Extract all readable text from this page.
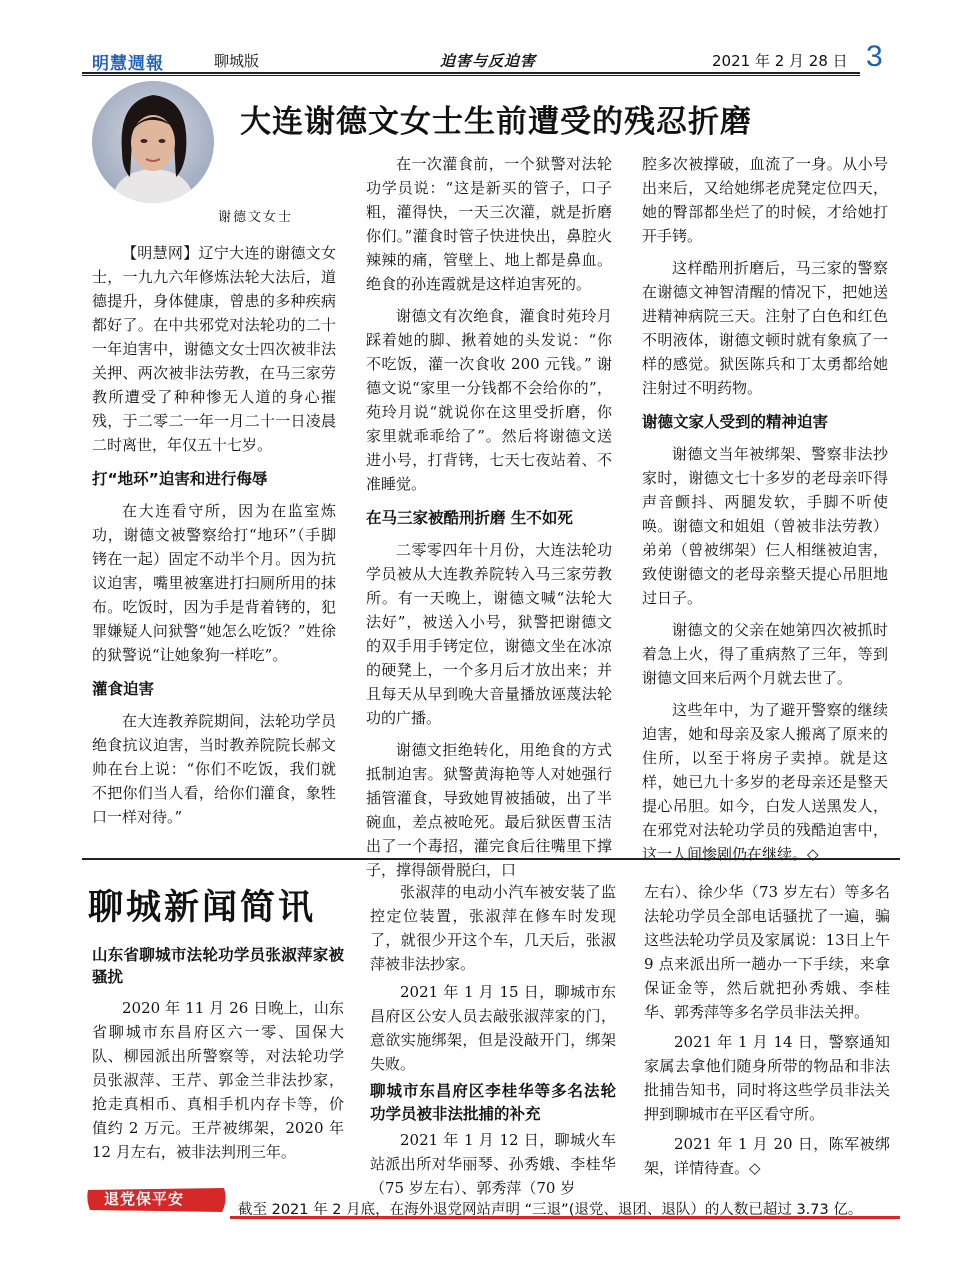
明慧週報	聊城版	迫害与反迫害	2021 年 2 月 28 日 3
谢德文女士
大连谢德文女士生前遭受的残忍折磨

【明慧网】辽宁大连的谢德文女士，一九九六年修炼法轮大法后，道德提升，身体健康，曾患的多种疾病都好了。在中共邪党对法轮功的二十一年迫害中，谢德文女士四次被非法关押、两次被非法劳教，在马三家劳教所遭受了种种惨无人道的身心摧残，于二零二一年一月二十一日凌晨二时离世，年仅五十七岁。

打“地环”迫害和进行侮辱

在大连看守所，因为在监室炼功，谢德文被警察给打“地环”（手脚铐在一起）固定不动半个月。因为抗议迫害，嘴里被塞进打扫厕所用的抹布。吃饭时，因为手是背着铐的，犯罪嫌疑人问狱警“她怎么吃饭？”姓徐的狱警说“让她象狗一样吃”。

灌食迫害

在大连教养院期间，法轮功学员绝食抗议迫害，当时教养院院长郝文帅在台上说：“你们不吃饭，我们就不把你们当人看，给你们灌食，象牲口一样对待。”

在一次灌食前，一个狱警对法轮功学员说：“这是新买的管子，口子粗，灌得快，一天三次灌，就是折磨你们。”灌食时管子快进快出，鼻腔火辣辣的痛，管壁上、地上都是鼻血。绝食的孙连霞就是这样迫害死的。

谢德文有次绝食，灌食时苑玲月踩着她的脚、揪着她的头发说：“你不吃饭，灌一次食收 200 元钱。” 谢德文说“家里一分钱都不会给你的”，苑玲月说“就说你在这里受折磨，你家里就乖乖给了”。然后将谢德文送进小号，打背铐，七天七夜站着、不准睡觉。

在马三家被酷刑折磨 生不如死

二零零四年十月份，大连法轮功学员被从大连教养院转入马三家劳教所。有一天晚上，谢德文喊“法轮大法好”，被送入小号，狱警把谢德文的双手用手铐定位，谢德文坐在冰凉的硬凳上，一个多月后才放出来；并且每天从早到晚大音量播放诬蔑法轮功的广播。

谢德文拒绝转化，用绝食的方式抵制迫害。狱警黄海艳等人对她强行插管灌食，导致她胃被插破，出了半碗血，差点被呛死。最后狱医曹玉洁出了一个毒招，灌完食后往嘴里下撑子，撑得颌骨脱臼，口

腔多次被撑破，血流了一身。从小号出来后，又给她绑老虎凳定位四天，她的臀部都坐烂了的时候，才给她打开手铐。

这样酷刑折磨后，马三家的警察在谢德文神智清醒的情况下，把她送进精神病院三天。注射了白色和红色不明液体，谢德文顿时就有象疯了一样的感觉。狱医陈兵和丁太勇都给她注射过不明药物。

谢德文家人受到的精神迫害

谢德文当年被绑架、警察非法抄家时，谢德文七十多岁的老母亲吓得声音颤抖、两腿发软，手脚不听使唤。谢德文和姐姐（曾被非法劳教）弟弟（曾被绑架）仨人相继被迫害，致使谢德文的老母亲整天提心吊胆地过日子。

谢德文的父亲在她第四次被抓时着急上火，得了重病熬了三年，等到谢德文回来后两个月就去世了。

这些年中，为了避开警察的继续迫害，她和母亲及家人搬离了原来的住所，以至于将房子卖掉。就是这样，她已九十多岁的老母亲还是整天提心吊胆。如今，白发人送黑发人，在邪党对法轮功学员的残酷迫害中，这一人间惨剧仍在继续。◇

聊城新闻简讯
山东省聊城市法轮功学员张淑萍家被骚扰

2020 年 11 月 26 日晚上，山东省聊城市东昌府区六一零、国保大队、柳园派出所警察等，对法轮功学员张淑萍、王芹、郭金兰非法抄家，抢走真相币、真相手机内存卡等，价值约 2 万元。王芹被绑架，2020 年 12 月左右，被非法判刑三年。

张淑萍的电动小汽车被安装了监控定位装置，张淑萍在修车时发现了，就很少开这个车，几天后，张淑萍被非法抄家。

2021 年 1 月 15 日，聊城市东昌府区公安人员去敲张淑萍家的门，意欲实施绑架，但是没敲开门，绑架失败。

聊城市东昌府区李桂华等多名法轮功学员被非法批捕的补充

2021 年 1 月 12 日，聊城火车站派出所对华丽琴、孙秀娥、李桂华（75 岁左右）、郭秀萍（70 岁

左右）、徐少华（73 岁左右）等多名法轮功学员全部电话骚扰了一遍，骗这些法轮功学员及家属说：13日上午 9 点来派出所一趟办一下手续，来拿保证金等，然后就把孙秀娥、李桂华、郭秀萍等多名学员非法关押。

2021 年 1 月 14 日，警察通知家属去拿他们随身所带的物品和非法批捕告知书，同时将这些学员非法关押到聊城市在平区看守所。

2021 年 1 月 20 日，陈军被绑架，详情待查。◇

退党保平安
截至 2021 年 2 月底，在海外退党网站声明 “三退”(退党、退团、退队）的人数已超过 3.73 亿。
